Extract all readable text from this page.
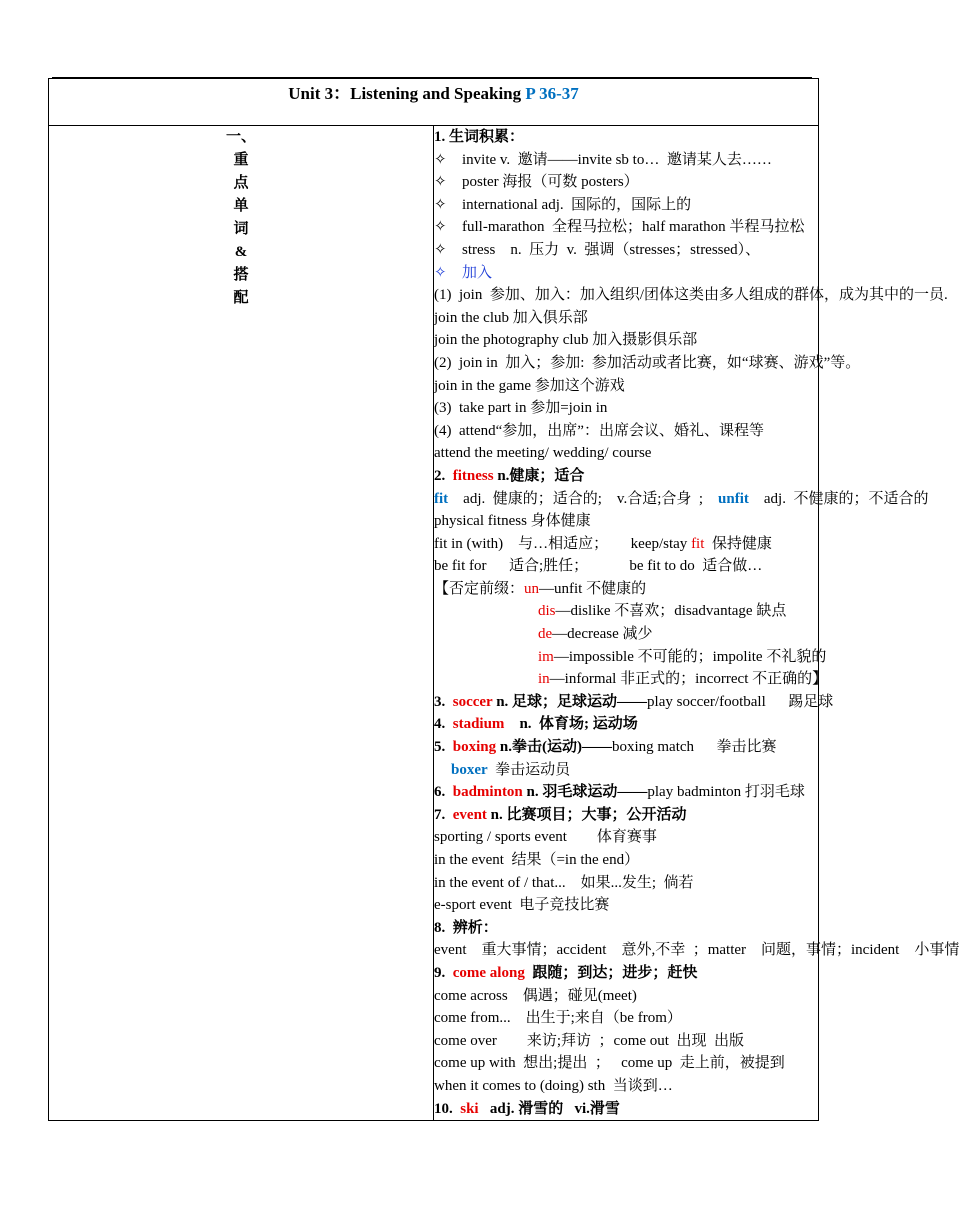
Unit 3：Listening and Speaking P 36-37

一、
重
点
单
词
&
搭
配

1. 生词积累：
✧ invite v.  邀请——invite sb to…  邀请某人去……
✧ poster 海报（可数 posters）
✧ international adj.  国际的，国际上的
✧ full-marathon  全程马拉松；half marathon 半程马拉松
✧ stress    n.  压力  v.  强调（stresses；stressed）、
✧ 加入
(1)  join  参加、加入：加入组织/团体这类由多人组成的群体，成为其中的一员.
join the club 加入俱乐部
join the photography club 加入摄影俱乐部
(2)  join in  加入；参加:  参加活动或者比赛，如“球赛、游戏”等。
join in the game 参加这个游戏
(3)  take part in 参加=join in
(4)  attend“参加，出席”：出席会议、婚礼、课程等
attend the meeting/ wedding/ course
2.  fitness n.健康；适合
fit    adj.  健康的；适合的;    v.合适;合身  ;    unfit    adj.  不健康的；不适合的
physical fitness 身体健康
fit in (with)    与…相适应；      keep/stay fit  保持健康
be fit for      适合;胜任；           be fit to do  适合做…
【否定前缀：un—unfit 不健康的
dis—dislike 不喜欢；disadvantage 缺点
de—decrease 减少
im—impossible 不可能的；impolite 不礼貌的
in—informal 非正式的；incorrect 不正确的】
3.  soccer n. 足球；足球运动——play soccer/football      踢足球
4.  stadium    n.  体育场; 运动场
5.  boxing n.拳击(运动)——boxing match      拳击比赛
boxer  拳击运动员
6.  badminton n. 羽毛球运动——play badminton 打羽毛球
7.  event n. 比赛项目；大事；公开活动
sporting / sports event        体育赛事
in the event  结果（=in the end）
in the event of / that...    如果...发生;  倘若
e-sport event  电子竞技比赛
8.  辨析：
event    重大事情；accident    意外,不幸  ；matter    问题，事情；incident    小事情
9.  come along  跟随；到达；进步；赶快
come across    偶遇；碰见(meet)
come from...    出生于;来自（be from）
come over        来访;拜访  ；come out  出现  出版
come up with  想出;提出  ；   come up  走上前，被提到
when it comes to (doing) sth  当谈到…
10.  ski   adj. 滑雪的   vi.滑雪
